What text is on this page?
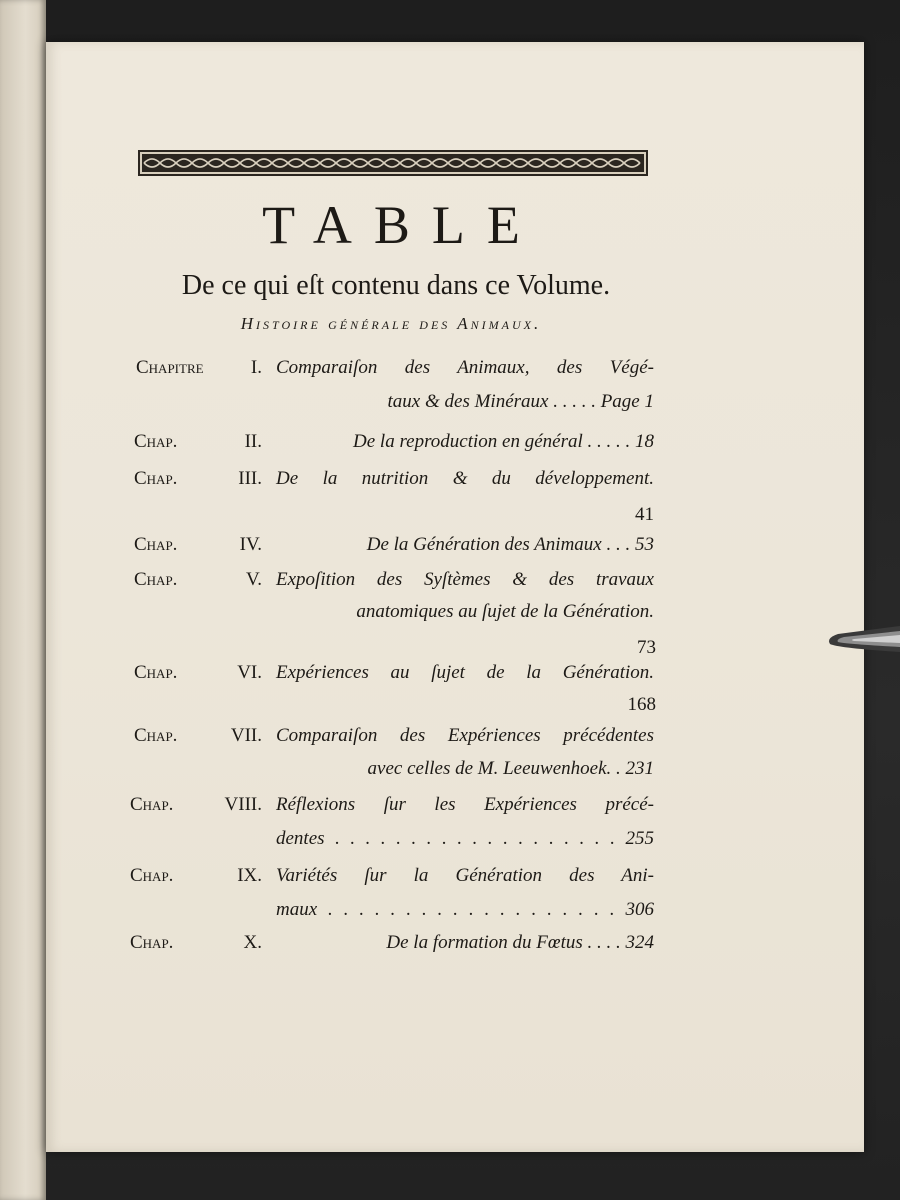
TABLE
De ce qui eſt contenu dans ce Volume.
Histoire générale des Animaux.
Chapitre	I. Comparaiſon des Animaux, des Végé-
taux & des Minéraux . . . . . Page 1
Chap.	II.	De la reproduction en général . . . . . 18
Chap.	III. De la nutrition & du développement.
41
Chap.	IV.	De la Génération des Animaux . . . 53
Chap.	V. Expoſition des Syſtèmes & des travaux
anatomiques au ſujet de la Génération.
73
Chap.	VI. Expériences au ſujet de la Génération.
168
Chap.	VII. Comparaiſon des Expériences précédentes
avec celles de M. Leeuwenhoek. . 231
Chap.	VIII. Réflexions ſur les Expériences précé-
dentes . . . . . . . . . . . . . . . . . . . 255
Chap.	IX. Variétés ſur la Génération des Ani-
maux . . . . . . . . . . . . . . . . . . . 306
Chap.	X.	De la formation du Fœtus . . . . 324
